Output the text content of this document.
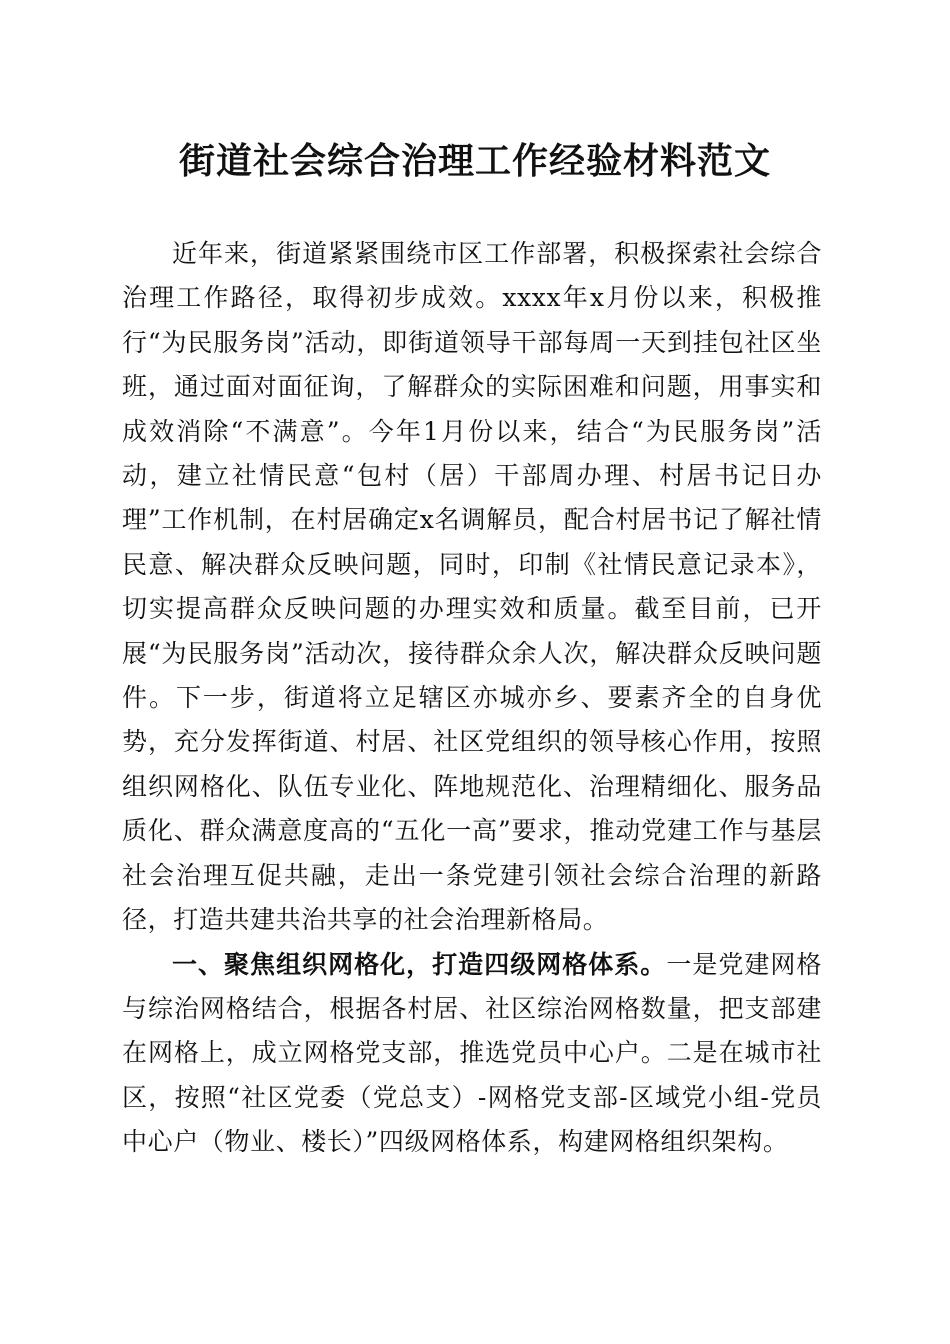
街道社会综合治理工作经验材料范文

近年来，街道紧紧围绕市区工作部署，积极探索社会综合治理工作路径，取得初步成效。xxxx年x月份以来，积极推行“为民服务岗”活动，即街道领导干部每周一天到挂包社区坐班，通过面对面征询，了解群众的实际困难和问题，用事实和成效消除“不满意”。今年1月份以来，结合“为民服务岗”活动，建立社情民意“包村（居）干部周办理、村居书记日办理”工作机制，在村居确定x名调解员，配合村居书记了解社情民意、解决群众反映问题，同时，印制《社情民意记录本》，切实提高群众反映问题的办理实效和质量。截至目前，已开展“为民服务岗”活动次，接待群众余人次，解决群众反映问题件。下一步，街道将立足辖区亦城亦乡、要素齐全的自身优势，充分发挥街道、村居、社区党组织的领导核心作用，按照组织网格化、队伍专业化、阵地规范化、治理精细化、服务品质化、群众满意度高的“五化一高”要求，推动党建工作与基层社会治理互促共融，走出一条党建引领社会综合治理的新路径，打造共建共治共享的社会治理新格局。

一、聚焦组织网格化，打造四级网格体系。一是党建网格与综治网格结合，根据各村居、社区综治网格数量，把支部建在网格上，成立网格党支部，推选党员中心户。二是在城市社区，按照“社区党委（党总支）-网格党支部-区域党小组-党员中心户（物业、楼长）”四级网格体系，构建网格组织架构。
